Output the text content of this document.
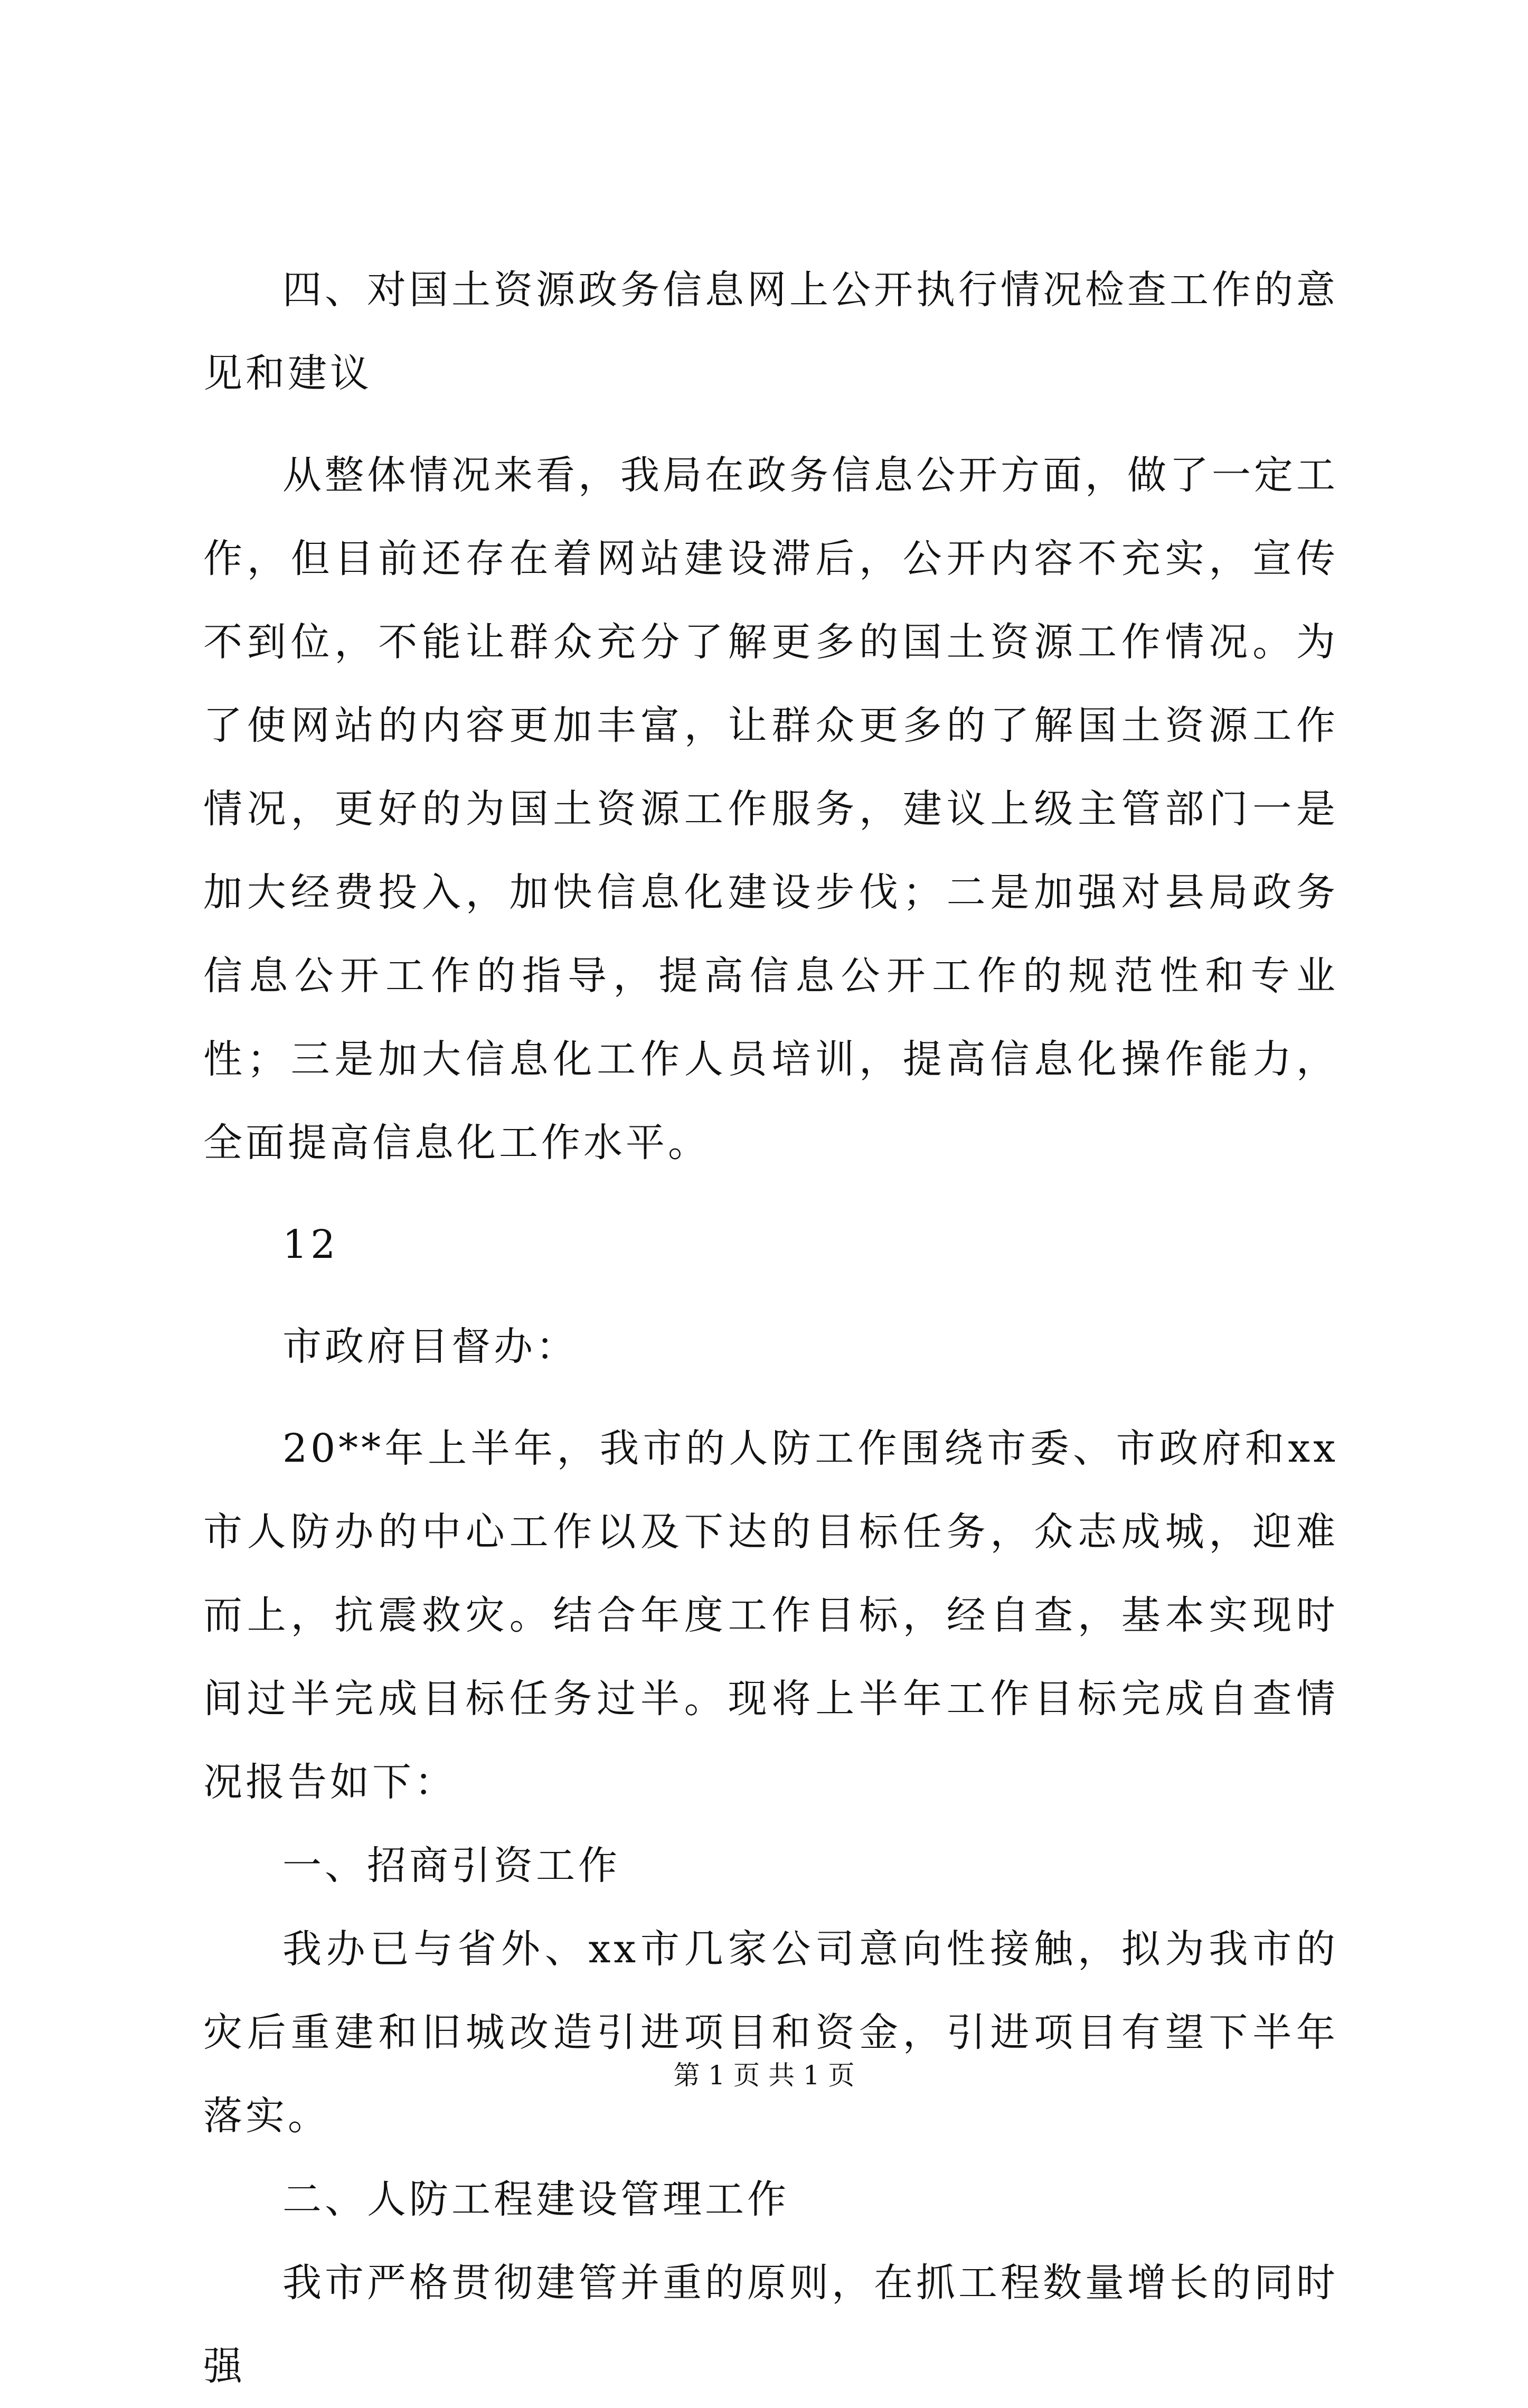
四、对国土资源政务信息网上公开执行情况检查工作的意见和建议

从整体情况来看，我局在政务信息公开方面，做了一定工作，但目前还存在着网站建设滞后，公开内容不充实，宣传不到位，不能让群众充分了解更多的国土资源工作情况。为了使网站的内容更加丰富，让群众更多的了解国土资源工作情况，更好的为国土资源工作服务，建议上级主管部门一是加大经费投入，加快信息化建设步伐；二是加强对县局政务信息公开工作的指导，提高信息公开工作的规范性和专业性；三是加大信息化工作人员培训，提高信息化操作能力，全面提高信息化工作水平。

12

市政府目督办：

20**年上半年，我市的人防工作围绕市委、市政府和xx市人防办的中心工作以及下达的目标任务，众志成城，迎难而上，抗震救灾。结合年度工作目标，经自查，基本实现时间过半完成目标任务过半。现将上半年工作目标完成自查情况报告如下：

一、招商引资工作

我办已与省外、xx市几家公司意向性接触，拟为我市的灾后重建和旧城改造引进项目和资金，引进项目有望下半年落实。

二、人防工程建设管理工作

我市严格贯彻建管并重的原则，在抓工程数量增长的同时强

第 1 页 共 1 页
